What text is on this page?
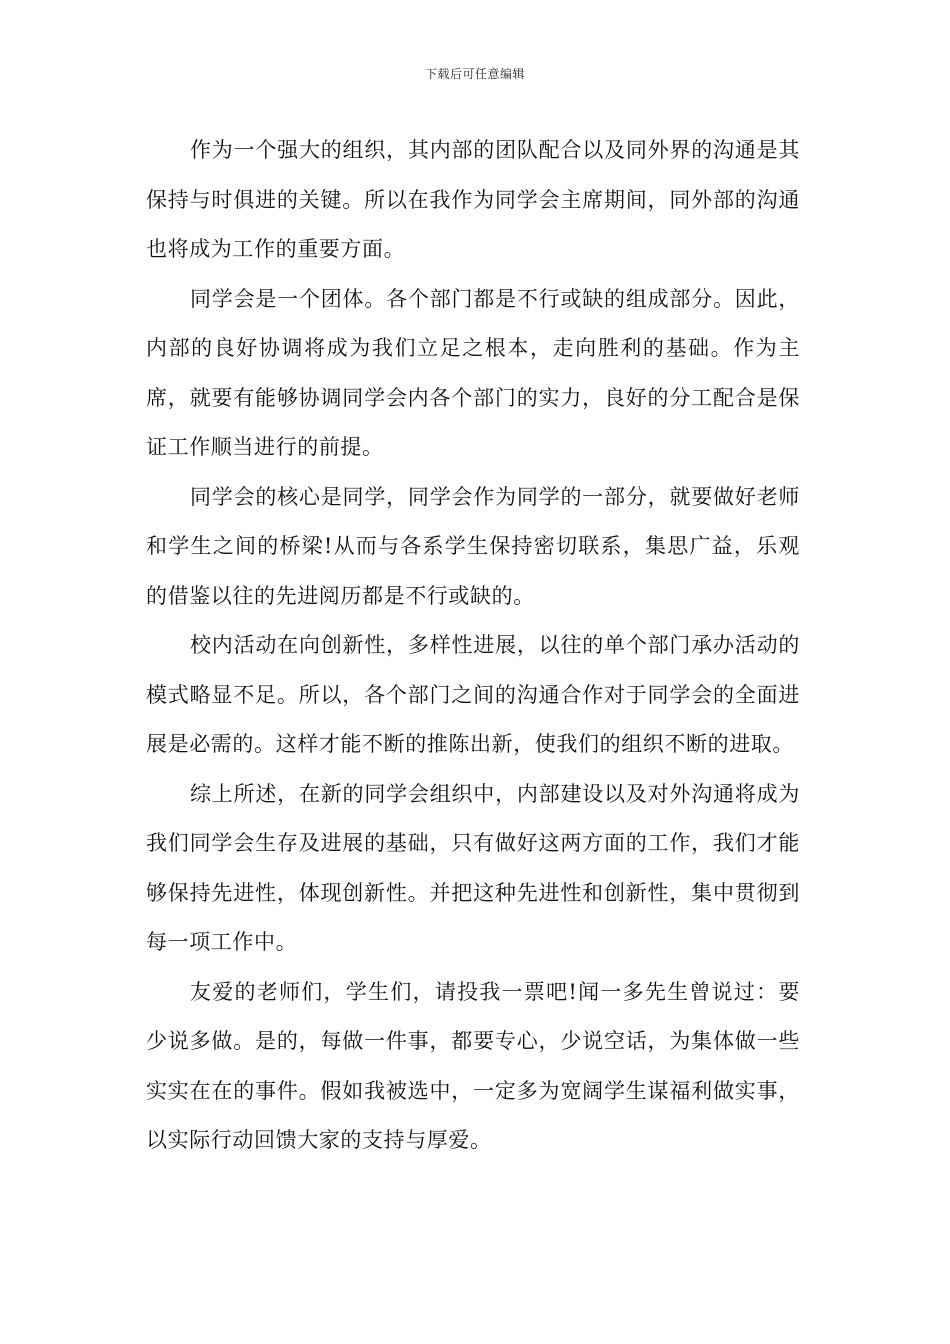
下载后可任意编辑

作为一个强大的组织，其内部的团队配合以及同外界的沟通是其保持与时俱进的关键。所以在我作为同学会主席期间，同外部的沟通也将成为工作的重要方面。

同学会是一个团体。各个部门都是不行或缺的组成部分。因此，内部的良好协调将成为我们立足之根本，走向胜利的基础。作为主席，就要有能够协调同学会内各个部门的实力，良好的分工配合是保证工作顺当进行的前提。

同学会的核心是同学，同学会作为同学的一部分，就要做好老师和学生之间的桥梁!从而与各系学生保持密切联系，集思广益，乐观的借鉴以往的先进阅历都是不行或缺的。

校内活动在向创新性，多样性进展，以往的单个部门承办活动的模式略显不足。所以，各个部门之间的沟通合作对于同学会的全面进展是必需的。这样才能不断的推陈出新，使我们的组织不断的进取。

综上所述，在新的同学会组织中，内部建设以及对外沟通将成为我们同学会生存及进展的基础，只有做好这两方面的工作，我们才能够保持先进性，体现创新性。并把这种先进性和创新性，集中贯彻到每一项工作中。

友爱的老师们，学生们，请投我一票吧!闻一多先生曾说过：要少说多做。是的，每做一件事，都要专心，少说空话，为集体做一些实实在在的事件。假如我被选中，一定多为宽阔学生谋福利做实事，以实际行动回馈大家的支持与厚爱。
